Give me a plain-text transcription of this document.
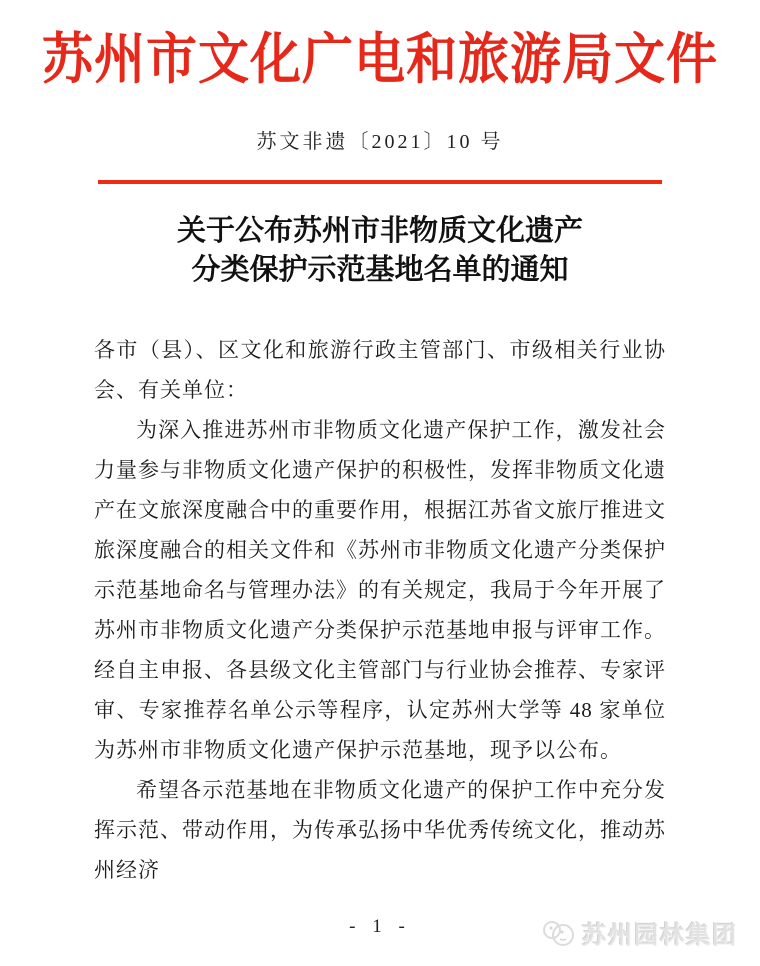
苏州市文化广电和旅游局文件
苏文非遗〔2021〕10 号
关于公布苏州市非物质文化遗产
分类保护示范基地名单的通知

各市（县）、区文化和旅游行政主管部门、市级相关行业协会、有关单位：

为深入推进苏州市非物质文化遗产保护工作，激发社会力量参与非物质文化遗产保护的积极性，发挥非物质文化遗产在文旅深度融合中的重要作用，根据江苏省文旅厅推进文旅深度融合的相关文件和《苏州市非物质文化遗产分类保护示范基地命名与管理办法》的有关规定，我局于今年开展了苏州市非物质文化遗产分类保护示范基地申报与评审工作。经自主申报、各县级文化主管部门与行业协会推荐、专家评审、专家推荐名单公示等程序，认定苏州大学等 48 家单位为苏州市非物质文化遗产保护示范基地，现予以公布。

希望各示范基地在非物质文化遗产的保护工作中充分发挥示范、带动作用，为传承弘扬中华优秀传统文化，推动苏州经济

- 1 -	苏州园林集团
